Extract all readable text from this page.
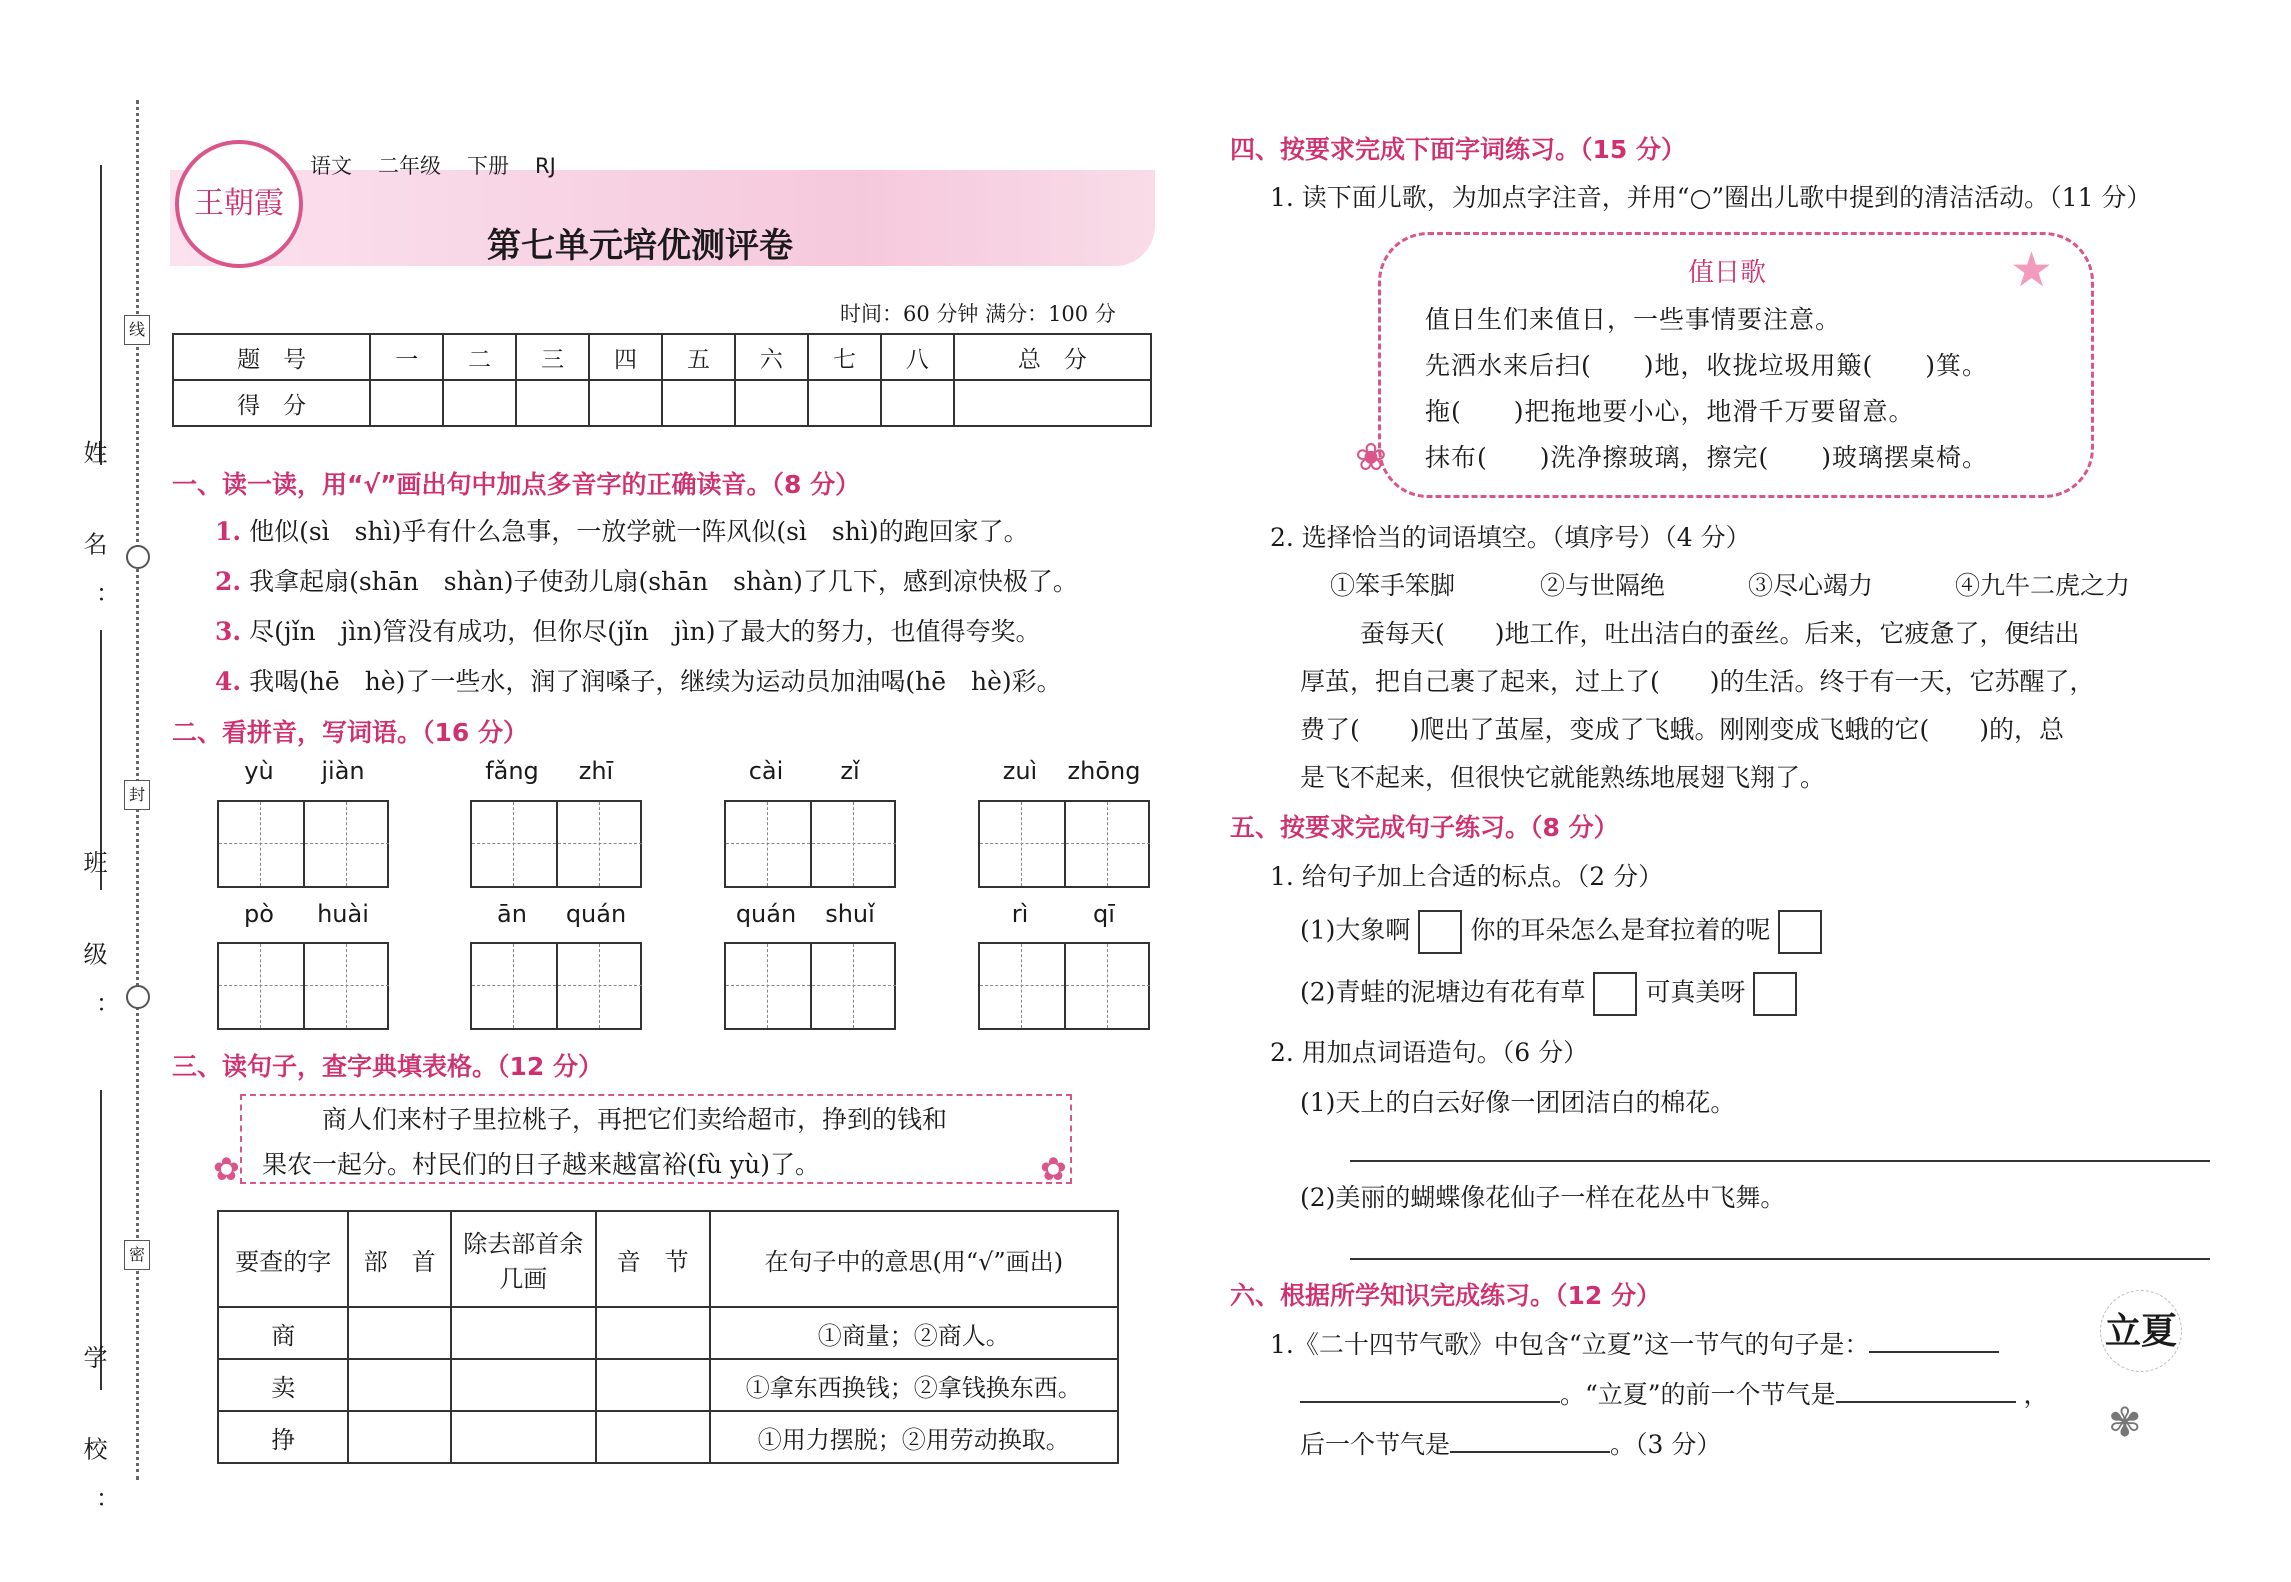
姓 名：
班 级：
学 校：
线
封
密
王朝霞
语文 二年级 下册 RJ
第七单元培优测评卷
时间：60 分钟 满分：100 分
题　号	一	二	三	四	五	六	七	八	总　分
得　分									
一、读一读，用“√”画出句中加点多音字的正确读音。（8 分）
1. 他似(sì　shì)乎有什么急事，一放学就一阵风似(sì　shì)的跑回家了。
2. 我拿起扇(shān　shàn)子使劲儿扇(shān　shàn)了几下，感到凉快极了。
3. 尽(jǐn　jìn)管没有成功，但你尽(jǐn　jìn)了最大的努力，也值得夸奖。
4. 我喝(hē　hè)了一些水，润了润嗓子，继续为运动员加油喝(hē　hè)彩。
二、看拼音，写词语。（16 分）
yù	jiàn	fǎng	zhī	cài	zǐ	zuì	zhōng
pò	huài	ān	quán	quán	shuǐ	rì	qī
三、读句子，查字典填表格。（12 分）
商人们来村子里拉桃子，再把它们卖给超市，挣到的钱和
果农一起分。村民们的日子越来越富裕(fù yù)了。
✿	✿
要查的字	部　首	除去部首余几画	音　节	在句子中的意思(用“√”画出)
商				①商量；②商人。
卖				①拿东西换钱；②拿钱换东西。
挣				①用力摆脱；②用劳动换取。
四、按要求完成下面字词练习。（15 分）
1. 读下面儿歌，为加点字注音，并用“○”圈出儿歌中提到的清洁活动。（11 分）
值日歌	★
❀
值日生们来值日，一些事情要注意。
先洒水来后扫(　　)地，收拢垃圾用簸(　　)箕。
拖(　　)把拖地要小心，地滑千万要留意。
抹布(　　)洗净擦玻璃，擦完(　　)玻璃摆桌椅。
2. 选择恰当的词语填空。（填序号）（4 分）
①笨手笨脚	②与世隔绝	③尽心竭力	④九牛二虎之力
蚕每天(　　)地工作，吐出洁白的蚕丝。后来，它疲惫了，便结出
厚茧，把自己裹了起来，过上了(　　)的生活。终于有一天，它苏醒了，
费了(　　)爬出了茧屋，变成了飞蛾。刚刚变成飞蛾的它(　　)的，总
是飞不起来，但很快它就能熟练地展翅飞翔了。
五、按要求完成句子练习。（8 分）
1. 给句子加上合适的标点。（2 分）
(1)大象啊 你的耳朵怎么是耷拉着的呢
(2)青蛙的泥塘边有花有草 可真美呀
2. 用加点词语造句。（6 分）
(1)天上的白云好像一团团洁白的棉花。
(2)美丽的蝴蝶像花仙子一样在花丛中飞舞。
六、根据所学知识完成练习。（12 分）
1.《二十四节气歌》中包含“立夏”这一节气的句子是：
。“立夏”的前一个节气是	，
后一个节气是	。（3 分）
立夏
✾
